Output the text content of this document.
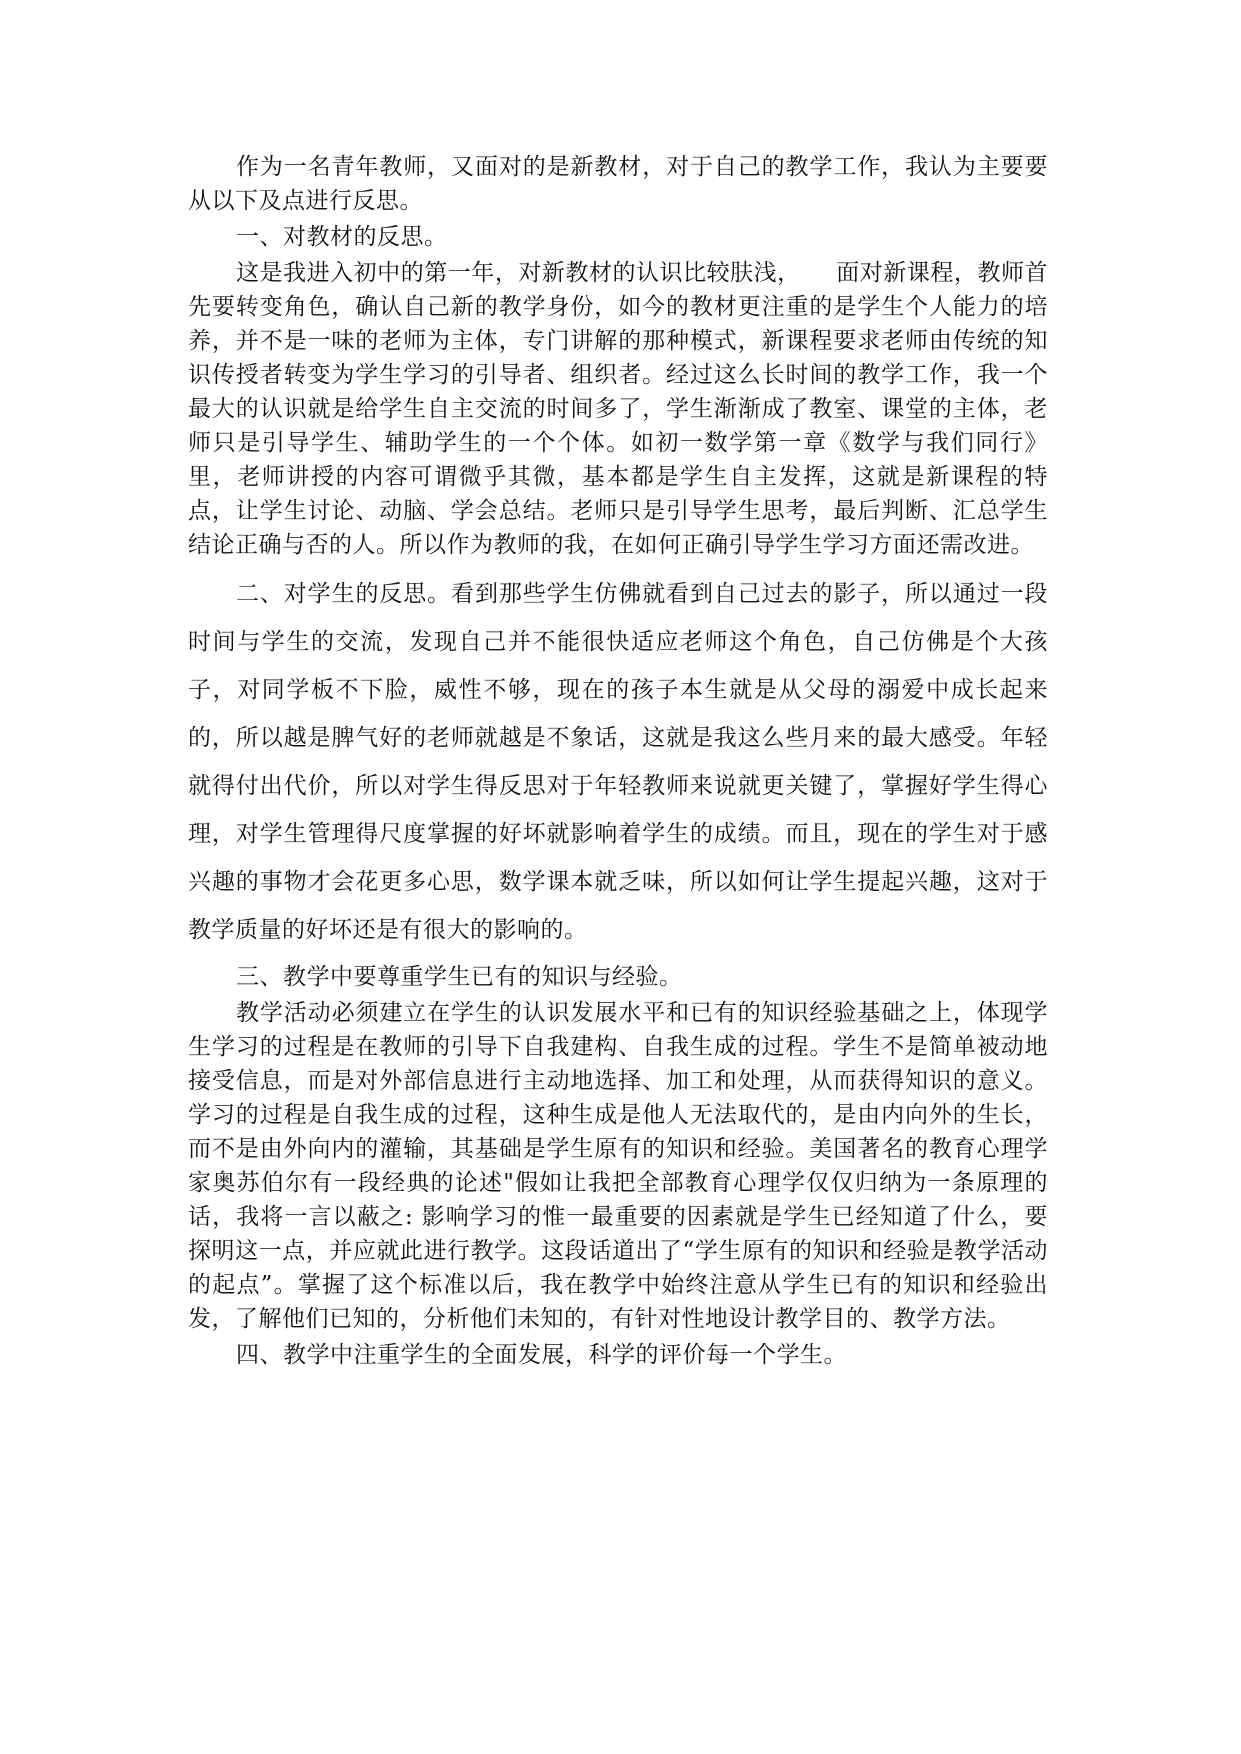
作为一名青年教师，又面对的是新教材，对于自己的教学工作，我认为主要要从以下及点进行反思。

一、对教材的反思。

这是我进入初中的第一年，对新教材的认识比较肤浅，　　面对新课程，教师首先要转变角色，确认自己新的教学身份，如今的教材更注重的是学生个人能力的培养，并不是一味的老师为主体，专门讲解的那种模式，新课程要求老师由传统的知识传授者转变为学生学习的引导者、组织者。经过这么长时间的教学工作，我一个最大的认识就是给学生自主交流的时间多了，学生渐渐成了教室、课堂的主体，老师只是引导学生、辅助学生的一个个体。如初一数学第一章《数学与我们同行》里，老师讲授的内容可谓微乎其微，基本都是学生自主发挥，这就是新课程的特点，让学生讨论、动脑、学会总结。老师只是引导学生思考，最后判断、汇总学生结论正确与否的人。所以作为教师的我，在如何正确引导学生学习方面还需改进。

二、对学生的反思。看到那些学生仿佛就看到自己过去的影子，所以通过一段时间与学生的交流，发现自己并不能很快适应老师这个角色，自己仿佛是个大孩子，对同学板不下脸，威性不够，现在的孩子本生就是从父母的溺爱中成长起来的，所以越是脾气好的老师就越是不象话，这就是我这么些月来的最大感受。年轻就得付出代价，所以对学生得反思对于年轻教师来说就更关键了，掌握好学生得心理，对学生管理得尺度掌握的好坏就影响着学生的成绩。而且，现在的学生对于感兴趣的事物才会花更多心思，数学课本就乏味，所以如何让学生提起兴趣，这对于教学质量的好坏还是有很大的影响的。

三、教学中要尊重学生已有的知识与经验。

教学活动必须建立在学生的认识发展水平和已有的知识经验基础之上，体现学生学习的过程是在教师的引导下自我建构、自我生成的过程。学生不是简单被动地接受信息，而是对外部信息进行主动地选择、加工和处理，从而获得知识的意义。学习的过程是自我生成的过程，这种生成是他人无法取代的，是由内向外的生长，而不是由外向内的灌输，其基础是学生原有的知识和经验。美国著名的教育心理学家奥苏伯尔有一段经典的论述"假如让我把全部教育心理学仅仅归纳为一条原理的话，我将一言以蔽之: 影响学习的惟一最重要的因素就是学生已经知道了什么，要探明这一点，并应就此进行教学。这段话道出了“学生原有的知识和经验是教学活动的起点”。掌握了这个标准以后，我在教学中始终注意从学生已有的知识和经验出发，了解他们已知的，分析他们未知的，有针对性地设计教学目的、教学方法。

四、教学中注重学生的全面发展，科学的评价每一个学生。
